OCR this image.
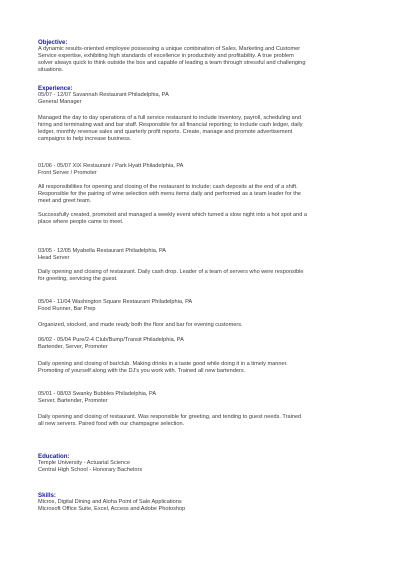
Objective:

A dynamic results-oriented employee possessing a unique combination of Sales, Marketing and Customer

Service expertise, exhibiting high standards of excellence in productivity and profitability. A true problem

solver always quick to think outside the box and capable of leading a team through stressful and challenging

situations.

Experience:

05/07 - 12/07 Savannah Restaurant Philadelphia, PA

General Manager

Managed the day to day operations of a full service restaurant to include inventory, payroll, scheduling and

hiring and terminating wait and bar staff. Responsible for all financial reporting; to include cash ledger, daily

ledger, monthly revenue sales and quarterly profit reports. Create, manage and promote advertisement

campaigns to help increase business.

01/06 - 05/07 XIX Restaurant / Park Hyatt Philadelphia, PA

Front Server / Promoter

All responsibilities for opening and closing of the restaurant to include; cash deposits at the end of a shift.

Responsible for the pairing of wine selection with menu items daily and performed as a team leader for the

meet and greet team.

Successfully created, promoted and managed a weekly event which turned a slow night into a hot spot and a

place where people came to meet.

03/05 - 12/05 Myabella Restaurant Philadelphia, PA

Head Server

Daily opening and closing of restaurant. Daily cash drop. Leader of a team of servers who were responsible

for greeting, servicing the guest.

05/04 - 11/04 Washington Square Restaurant Philadelphia, PA

Food Runner, Bar Prep

Organized, stocked, and made ready both the floor and bar for evening customers.

06/02 - 05/04 Pure/2-4 Club/Bump/Transit Philadelphia, PA

Bartender, Server, Promoter

Daily opening and closing of bar/club. Making drinks in a taste good while doing it in a timely manner.

Promoting of yourself along with the DJ's you work with. Trained all new bartenders.

05/01 - 08/03 Swanky Bubbles Philadelphia, PA

Server, Bartender, Promoter

Daily opening and closing of restaurant. Was responsible for greeting, and tending to guest needs. Trained

all new servers. Paired food with our champagne selection.

Education:

Temple University - Actuarial Science

Central High School - Honorary Bachelors

Skills:

Micros, Digital Dining and Aloha Point of Sale Applications

Microsoft Office Suite, Excel, Access and Adobe Photoshop
